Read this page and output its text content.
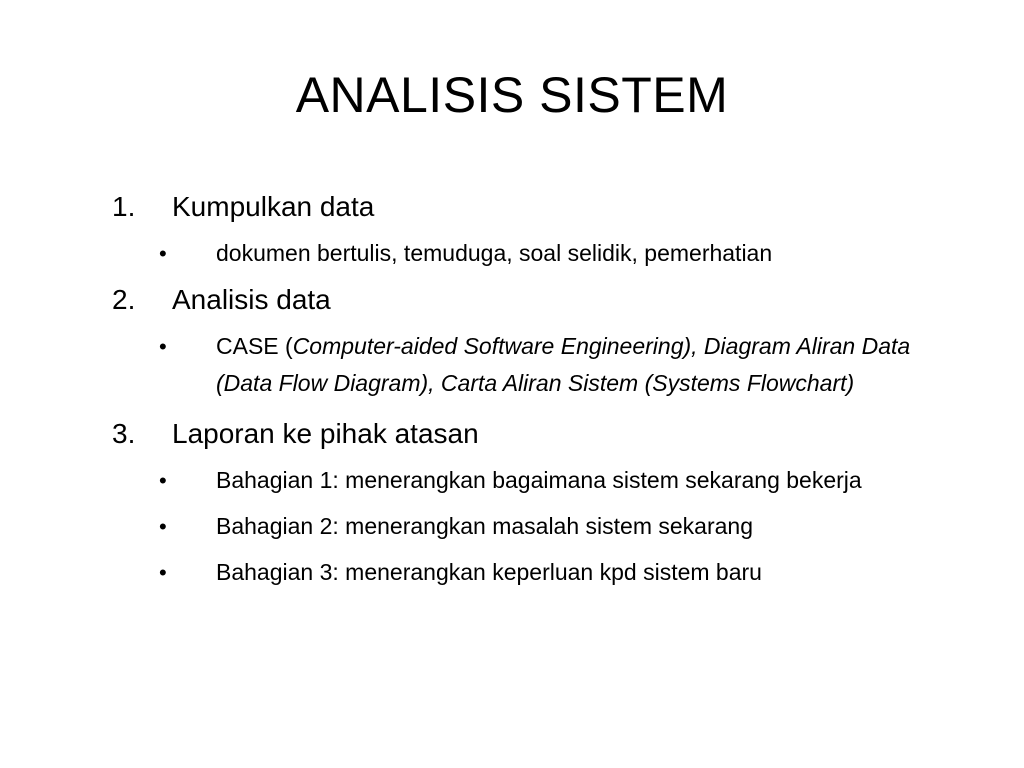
ANALISIS SISTEM
1. Kumpulkan data
• dokumen bertulis, temuduga, soal selidik, pemerhatian
2. Analisis data
• CASE (Computer-aided Software Engineering), Diagram Aliran Data (Data Flow Diagram), Carta Aliran Sistem (Systems Flowchart)
3. Laporan ke pihak atasan
• Bahagian 1: menerangkan bagaimana sistem sekarang bekerja
• Bahagian 2: menerangkan masalah sistem sekarang
• Bahagian 3: menerangkan keperluan kpd sistem baru
